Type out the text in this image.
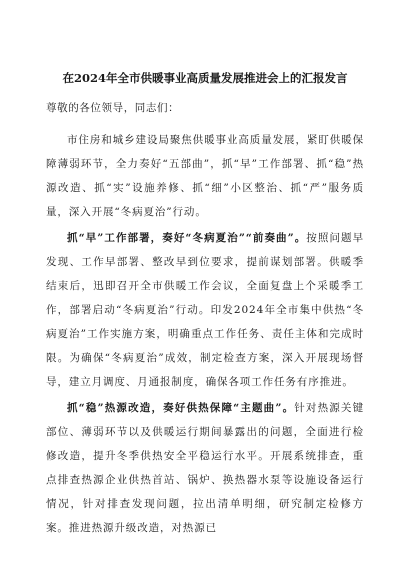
在2024年全市供暖事业高质量发展推进会上的汇报发言
尊敬的各位领导，同志们：

市住房和城乡建设局聚焦供暖事业高质量发展，紧盯供暖保障薄弱环节，全力奏好“五部曲”，抓“早”工作部署、抓“稳”热源改造、抓“实”设施养修、抓“细”小区整治、抓“严”服务质量，深入开展“冬病夏治”行动。

抓“早”工作部署，奏好“冬病夏治”“前奏曲”。按照问题早发现、工作早部署、整改早到位要求，提前谋划部署。供暖季结束后，迅即召开全市供暖工作会议，全面复盘上个采暖季工作，部署启动“冬病夏治”行动。印发2024年全市集中供热“冬病夏治”工作实施方案，明确重点工作任务、责任主体和完成时限。为确保“冬病夏治”成效，制定检查方案，深入开展现场督导，建立月调度、月通报制度，确保各项工作任务有序推进。

抓“稳”热源改造，奏好供热保障“主题曲”。针对热源关键部位、薄弱环节以及供暖运行期间暴露出的问题，全面进行检修改造，提升冬季供热安全平稳运行水平。开展系统排查，重点排查热源企业供热首站、锅炉、换热器水泵等设施设备运行情况，针对排查发现问题，拉出清单明细，研究制定检修方案。推进热源升级改造，对热源已
